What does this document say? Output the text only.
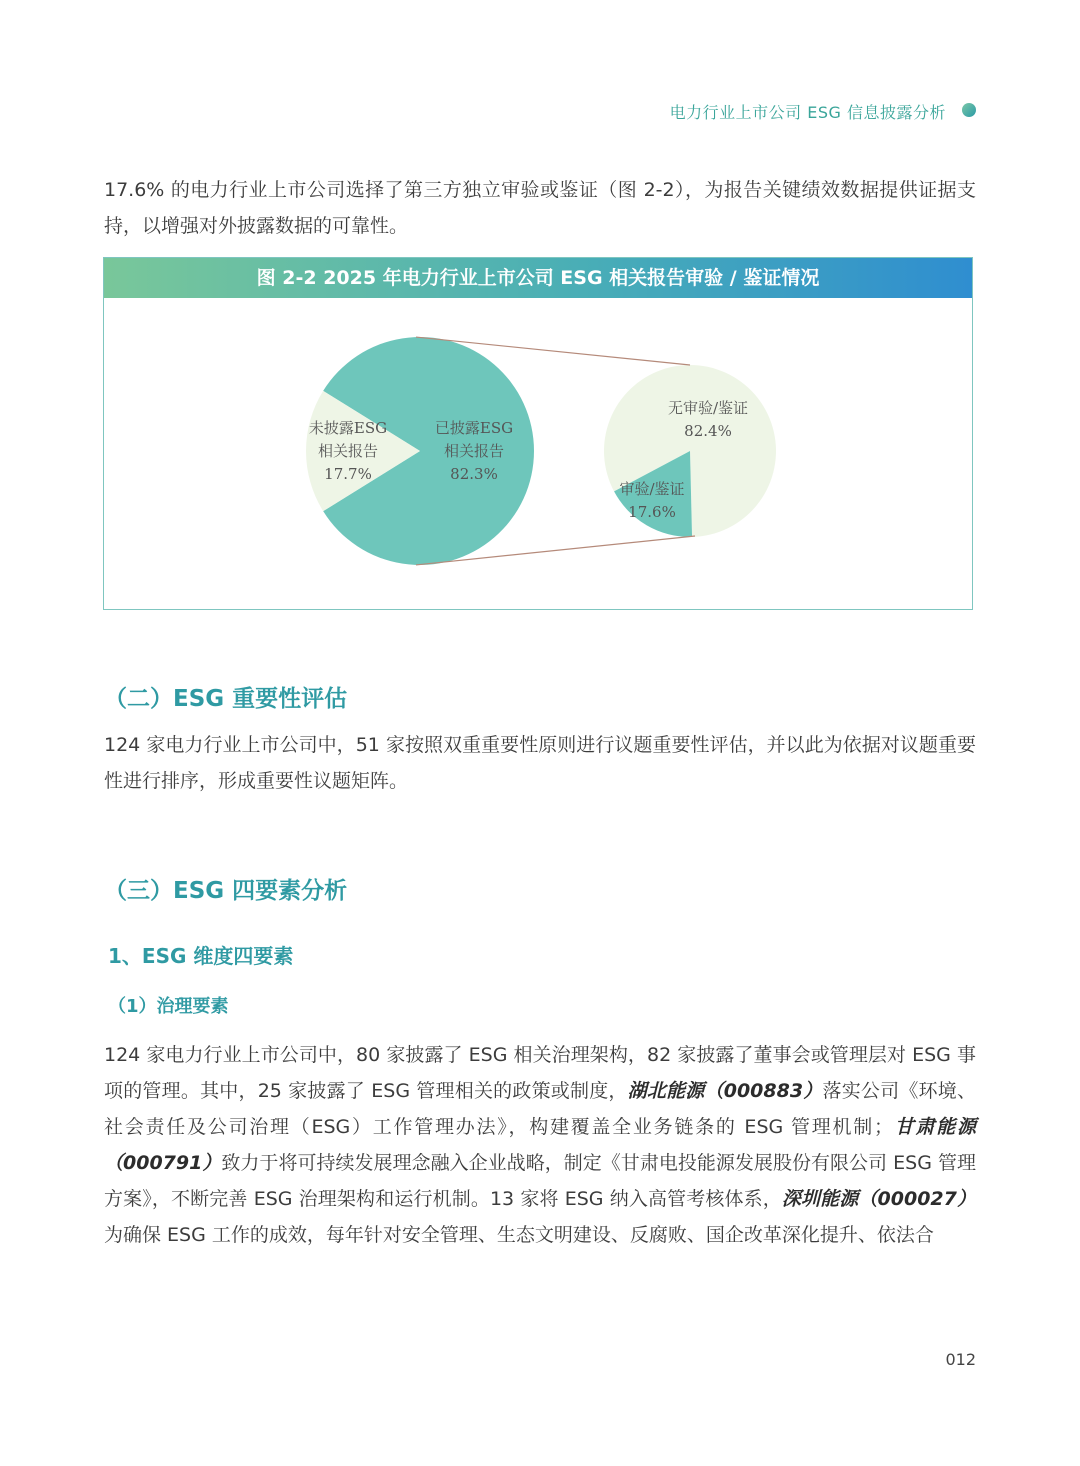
电力行业上市公司 ESG 信息披露分析

17.6% 的电力行业上市公司选择了第三方独立审验或鉴证（图 2-2），为报告关键绩效数据提供证据支持，以增强对外披露数据的可靠性。

图 2-2 2025 年电力行业上市公司 ESG 相关报告审验 / 鉴证情况
已披露ESG
相关报告
82.3%
未披露ESG
相关报告
17.7%
无审验/鉴证
82.4%
审验/鉴证
17.6%
（二）ESG 重要性评估

124 家电力行业上市公司中，51 家按照双重重要性原则进行议题重要性评估，并以此为依据对议题重要性进行排序，形成重要性议题矩阵。

（三）ESG 四要素分析
1、ESG 维度四要素
（1）治理要素

124 家电力行业上市公司中，80 家披露了 ESG 相关治理架构，82 家披露了董事会或管理层对 ESG 事项的管理。其中，25 家披露了 ESG 管理相关的政策或制度，湖北能源（000883）落实公司《环境、社会责任及公司治理（ESG）工作管理办法》，构建覆盖全业务链条的 ESG 管理机制；甘肃能源（000791）致力于将可持续发展理念融入企业战略，制定《甘肃电投能源发展股份有限公司 ESG 管理方案》，不断完善 ESG 治理架构和运行机制。13 家将 ESG 纳入高管考核体系，深圳能源（000027）为确保 ESG 工作的成效，每年针对安全管理、生态文明建设、反腐败、国企改革深化提升、依法合

012
